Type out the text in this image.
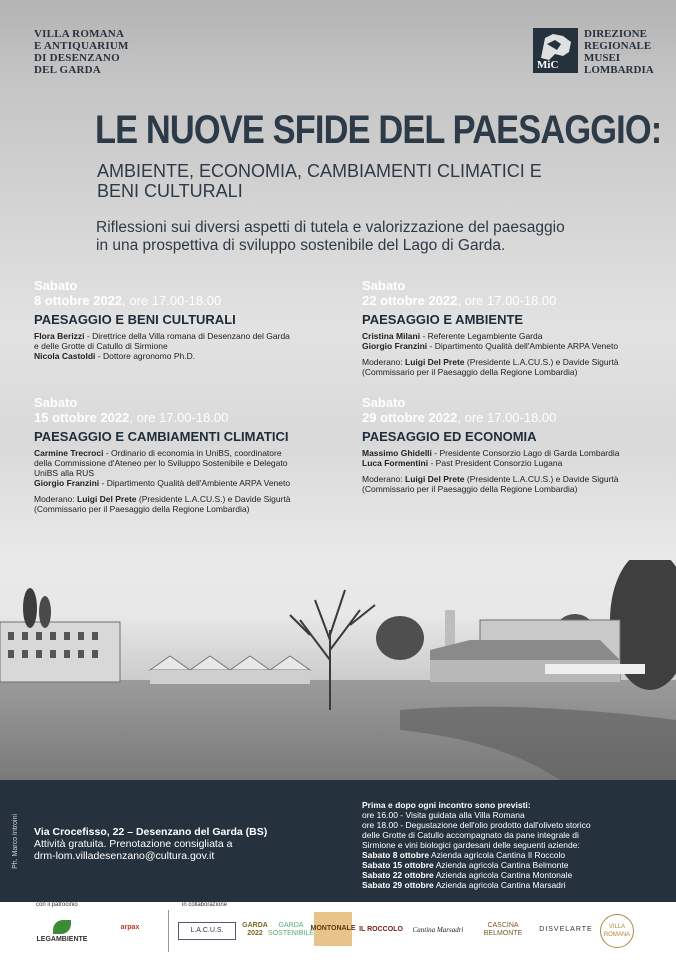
VILLA ROMANA
E ANTIQUARIUM
DI DESENZANO
DEL GARDA	MiC
DIREZIONE
REGIONALE
MUSEI
LOMBARDIA
LE NUOVE SFIDE DEL PAESAGGIO:
AMBIENTE, ECONOMIA, CAMBIAMENTI CLIMATICI E
BENI CULTURALI
Riflessioni sui diversi aspetti di tutela e valorizzazione del paesaggio
in una prospettiva di sviluppo sostenibile del Lago di Garda.
Sabato
8 ottobre 2022, ore 17.00-18.00
PAESAGGIO E BENI CULTURALI
Flora Berizzi - Direttrice della Villa romana di Desenzano del Garda
e delle Grotte di Catullo di Sirmione
Nicola Castoldi - Dottore agronomo Ph.D.
Sabato
22 ottobre 2022, ore 17.00-18.00
PAESAGGIO E AMBIENTE
Cristina Milani - Referente Legambiente Garda
Giorgio Franzini - Dipartimento Qualità dell'Ambiente ARPA Veneto
Moderano: Luigi Del Prete (Presidente L.A.CU.S.) e Davide Sigurtà
(Commissario per il Paesaggio della Regione Lombardia)
Sabato
15 ottobre 2022, ore 17.00-18.00
PAESAGGIO E CAMBIAMENTI CLIMATICI
Carmine Trecroci - Ordinario di economia in UniBS, coordinatore
della Commissione d'Ateneo per lo Sviluppo Sostenibile e Delegato
UniBS alla RUS
Giorgio Franzini - Dipartimento Qualità dell'Ambiente ARPA Veneto
Moderano: Luigi Del Prete (Presidente L.A.CU.S.) e Davide Sigurtà
(Commissario per il Paesaggio della Regione Lombardia)
Sabato
29 ottobre 2022, ore 17.00-18.00
PAESAGGIO ED ECONOMIA
Massimo Ghidelli - Presidente Consorzio Lago di Garda Lombardia
Luca Formentini - Past President Consorzio Lugana
Moderano: Luigi Del Prete (Presidente L.A.CU.S.) e Davide Sigurtà
(Commissario per il Paesaggio della Regione Lombardia)
Ph. Marco Introini Via Crocefisso, 22 – Desenzano del Garda (BS)
Attività gratuita. Prenotazione consigliata a
drm-lom.villadesenzano@cultura.gov.it
Prima e dopo ogni incontro sono previsti:
ore 16.00 - Visita guidata alla Villa Romana
ore 18.00 - Degustazione dell'olio prodotto dall'oliveto storico
delle Grotte di Catullo accompagnato da pane integrale di
Sirmione e vini biologici gardesani delle seguenti aziende:
Sabato 8 ottobre Azienda agricola Cantina Il Roccolo
Sabato 15 ottobre Azienda agricola Cantina Belmonte
Sabato 22 ottobre Azienda agricola Cantina Montonale
Sabato 29 ottobre Azienda agricola Cantina Marsadri
con il patrocinio	in collaborazione
LEGAMBIENTE
arpax	L.A.C.U.S.
GARDA 2022
GARDA SOSTENIBILE
MONTONALE IL ROCCOLO	Cantina Marsadri
CASCINA BELMONTE
DISVELARTE	VILLA ROMANA
